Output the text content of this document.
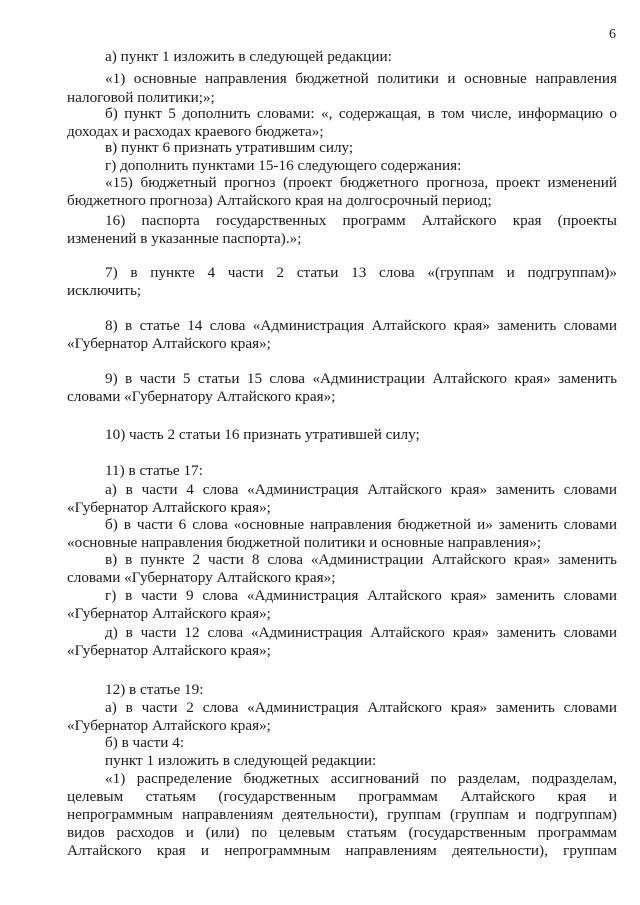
6
а) пункт 1 изложить в следующей редакции:
«1) основные направления бюджетной политики и основные направления
налоговой политики;»;
б) пункт 5 дополнить словами: «, содержащая, в том числе, информацию о
доходах и расходах краевого бюджета»;
в) пункт 6 признать утратившим силу;
г) дополнить пунктами 15-16 следующего содержания:
«15) бюджетный прогноз (проект бюджетного прогноза, проект изменений
бюджетного прогноза) Алтайского края на долгосрочный период;
16) паспорта государственных программ Алтайского края (проекты
изменений в указанные паспорта).»;
7) в пункте 4 части 2 статьи 13 слова «(группам и подгруппам)»
исключить;
8) в статье 14 слова «Администрация Алтайского края» заменить словами
«Губернатор Алтайского края»;
9) в части 5 статьи 15 слова «Администрации Алтайского края» заменить
словами «Губернатору Алтайского края»;
10) часть 2 статьи 16 признать утратившей силу;
11) в статье 17:
а) в части 4 слова «Администрация Алтайского края» заменить словами
«Губернатор Алтайского края»;
б) в части 6 слова «основные направления бюджетной и» заменить словами
«основные направления бюджетной политики и основные направления»;
в) в пункте 2 части 8 слова «Администрации Алтайского края» заменить
словами «Губернатору Алтайского края»;
г) в части 9 слова «Администрация Алтайского края» заменить словами
«Губернатор Алтайского края»;
д) в части 12 слова «Администрация Алтайского края» заменить словами
«Губернатор Алтайского края»;
12) в статье 19:
а) в части 2 слова «Администрация Алтайского края» заменить словами
«Губернатор Алтайского края»;
б) в части 4:
пункт 1 изложить в следующей редакции:
«1) распределение бюджетных ассигнований по разделам, подразделам,
целевым статьям (государственным программам Алтайского края и
непрограммным направлениям деятельности), группам (группам и подгруппам)
видов расходов и (или) по целевым статьям (государственным программам
Алтайского края и непрограммным направлениям деятельности), группам
